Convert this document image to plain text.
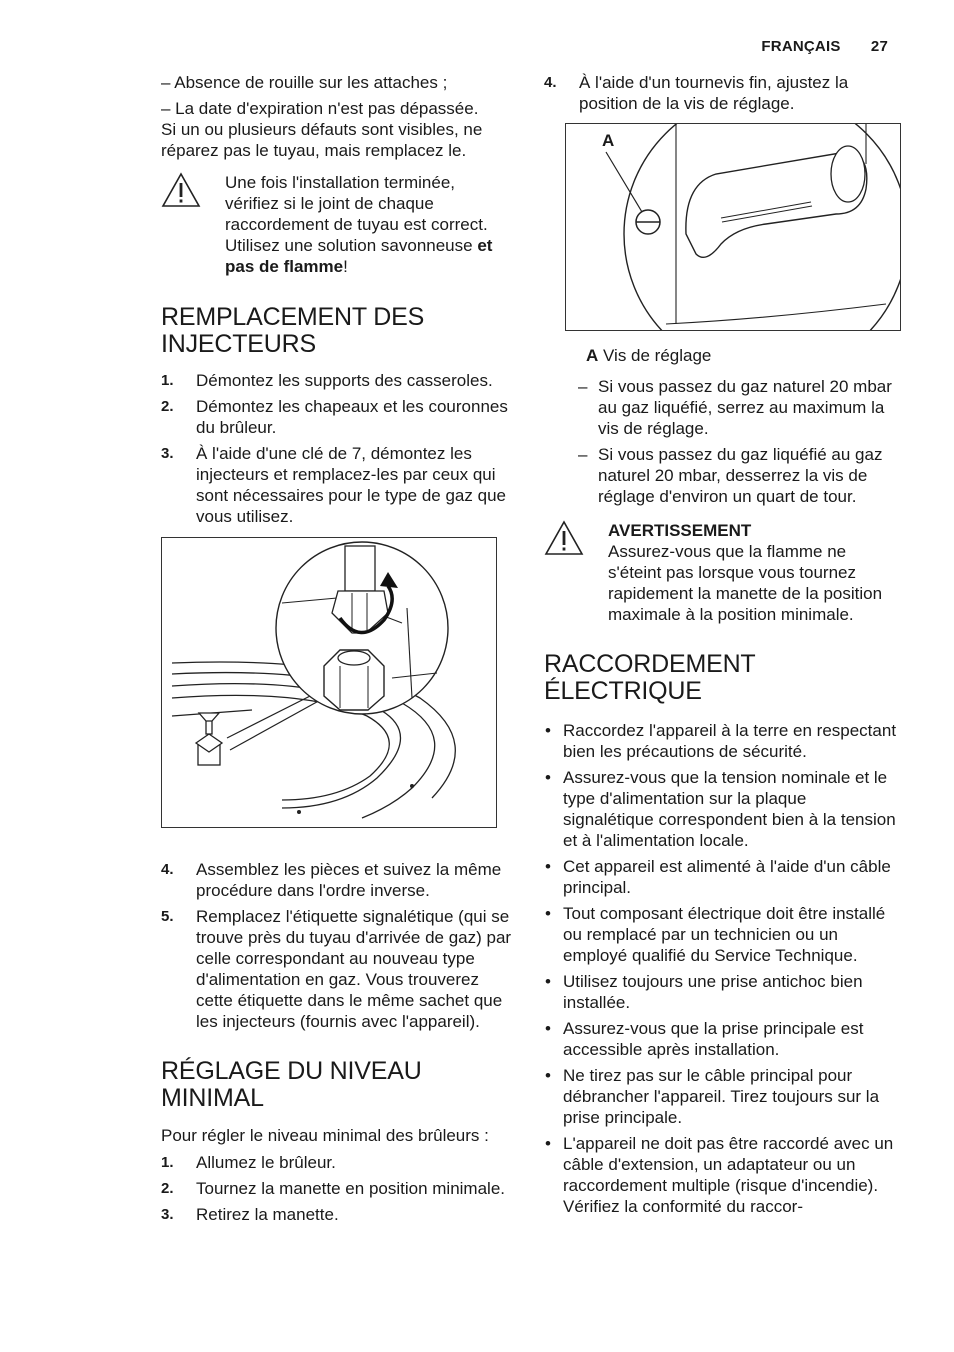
FRANÇAIS 27

– Absence de rouille sur les attaches ;

– La date d'expiration n'est pas dépassée.

Si un ou plusieurs défauts sont visibles, ne réparez pas le tuyau, mais remplacez le.

Une fois l'installation terminée, vérifiez si le joint de chaque raccordement de tuyau est correct. Utilisez une solution savonneuse et pas de flamme!
REMPLACEMENT DES INJECTEURS
1. Démontez les supports des casseroles.
2. Démontez les chapeaux et les couronnes du brûleur.
3. À l'aide d'une clé de 7, démontez les injecteurs et remplacez-les par ceux qui sont nécessaires pour le type de gaz que vous utilisez.
4. Assemblez les pièces et suivez la même procédure dans l'ordre inverse.
5. Remplacez l'étiquette signalétique (qui se trouve près du tuyau d'arrivée de gaz) par celle correspondant au nouveau type d'alimentation en gaz. Vous trouverez cette étiquette dans le même sachet que les injecteurs (fournis avec l'appareil).
RÉGLAGE DU NIVEAU MINIMAL

Pour régler le niveau minimal des brûleurs :

1. Allumez le brûleur.
2. Tournez la manette en position minimale.
3. Retirez la manette.
4. À l'aide d'un tournevis fin, ajustez la position de la vis de réglage.
A

A Vis de réglage

– Si vous passez du gaz naturel 20 mbar au gaz liquéfié, serrez au maximum la vis de réglage.
– Si vous passez du gaz liquéfié au gaz naturel 20 mbar, desserrez la vis de réglage d'environ un quart de tour.
AVERTISSEMENT
Assurez-vous que la flamme ne s'éteint pas lorsque vous tournez rapidement la manette de la position maximale à la position minimale.
RACCORDEMENT ÉLECTRIQUE
• Raccordez l'appareil à la terre en respectant bien les précautions de sécurité.
• Assurez-vous que la tension nominale et le type d'alimentation sur la plaque signalétique correspondent bien à la tension et à l'alimentation locale.
• Cet appareil est alimenté à l'aide d'un câble principal.
• Tout composant électrique doit être installé ou remplacé par un technicien ou un employé qualifié du Service Technique.
• Utilisez toujours une prise antichoc bien installée.
• Assurez-vous que la prise principale est accessible après installation.
• Ne tirez pas sur le câble principal pour débrancher l'appareil. Tirez toujours sur la prise principale.
• L'appareil ne doit pas être raccordé avec un câble d'extension, un adaptateur ou un raccordement multiple (risque d'incendie). Vérifiez la conformité du raccor-
